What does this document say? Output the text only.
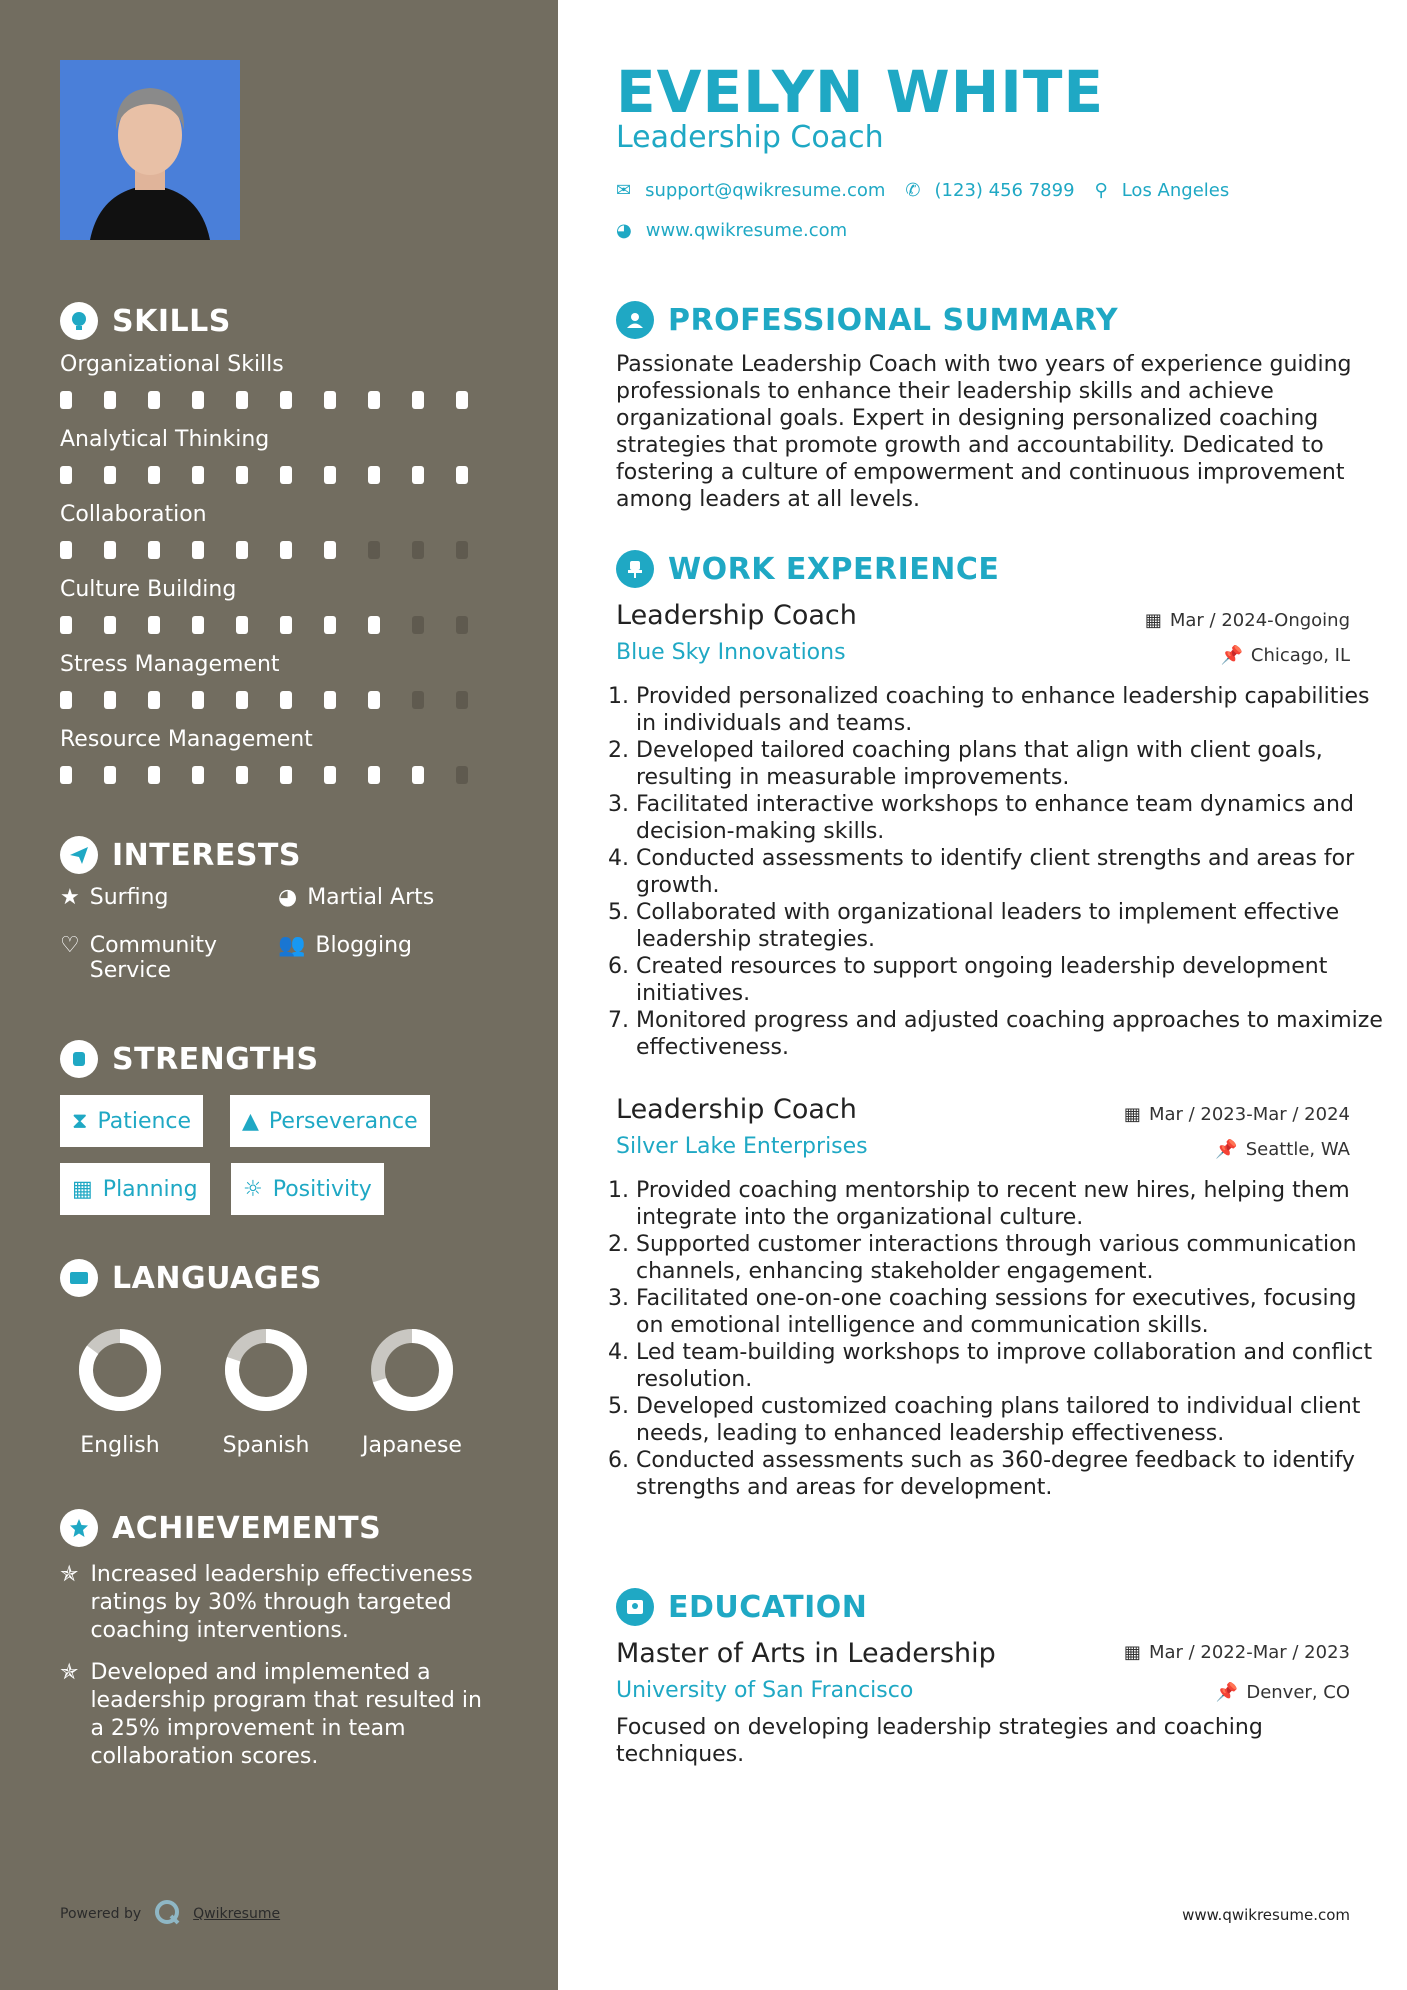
SKILLS
Organizational Skills
Analytical Thinking
Collaboration
Culture Building
Stress Management
Resource Management
INTERESTS
★ Surfing	◕ Martial Arts
♡ Community Service
👥 Blogging
STRENGTHS
⧗ Patience ▲ Perseverance
▦ Planning ☼ Positivity
LANGUAGES
English	Spanish	Japanese
ACHIEVEMENTS
✯ Increased leadership effectiveness ratings by 30% through targeted coaching interventions.
✯ Developed and implemented a leadership program that resulted in a 25% improvement in team collaboration scores.
Powered by	Qwikresume
EVELYN WHITE
Leadership Coach
✉ support@qwikresume.com ✆ (123) 456 7899 ⚲ Los Angeles
◕ www.qwikresume.com
PROFESSIONAL SUMMARY
Passionate Leadership Coach with two years of experience guiding professionals to enhance their leadership skills and achieve organizational goals. Expert in designing personalized coaching strategies that promote growth and accountability. Dedicated to fostering a culture of empowerment and continuous improvement among leaders at all levels.
WORK EXPERIENCE
Leadership Coach	▦ Mar / 2024-Ongoing
Blue Sky Innovations	📌 Chicago, IL
1. Provided personalized coaching to enhance leadership capabilities in individuals and teams.
2. Developed tailored coaching plans that align with client goals, resulting in measurable improvements.
3. Facilitated interactive workshops to enhance team dynamics and decision-making skills.
4. Conducted assessments to identify client strengths and areas for growth.
5. Collaborated with organizational leaders to implement effective leadership strategies.
6. Created resources to support ongoing leadership development initiatives.
7. Monitored progress and adjusted coaching approaches to maximize effectiveness.
Leadership Coach	▦ Mar / 2023-Mar / 2024
Silver Lake Enterprises	📌 Seattle, WA
1. Provided coaching mentorship to recent new hires, helping them integrate into the organizational culture.
2. Supported customer interactions through various communication channels, enhancing stakeholder engagement.
3. Facilitated one-on-one coaching sessions for executives, focusing on emotional intelligence and communication skills.
4. Led team-building workshops to improve collaboration and conflict resolution.
5. Developed customized coaching plans tailored to individual client needs, leading to enhanced leadership effectiveness.
6. Conducted assessments such as 360-degree feedback to identify strengths and areas for development.
EDUCATION
Master of Arts in Leadership	▦ Mar / 2022-Mar / 2023
University of San Francisco	📌 Denver, CO
Focused on developing leadership strategies and coaching techniques.
www.qwikresume.com
